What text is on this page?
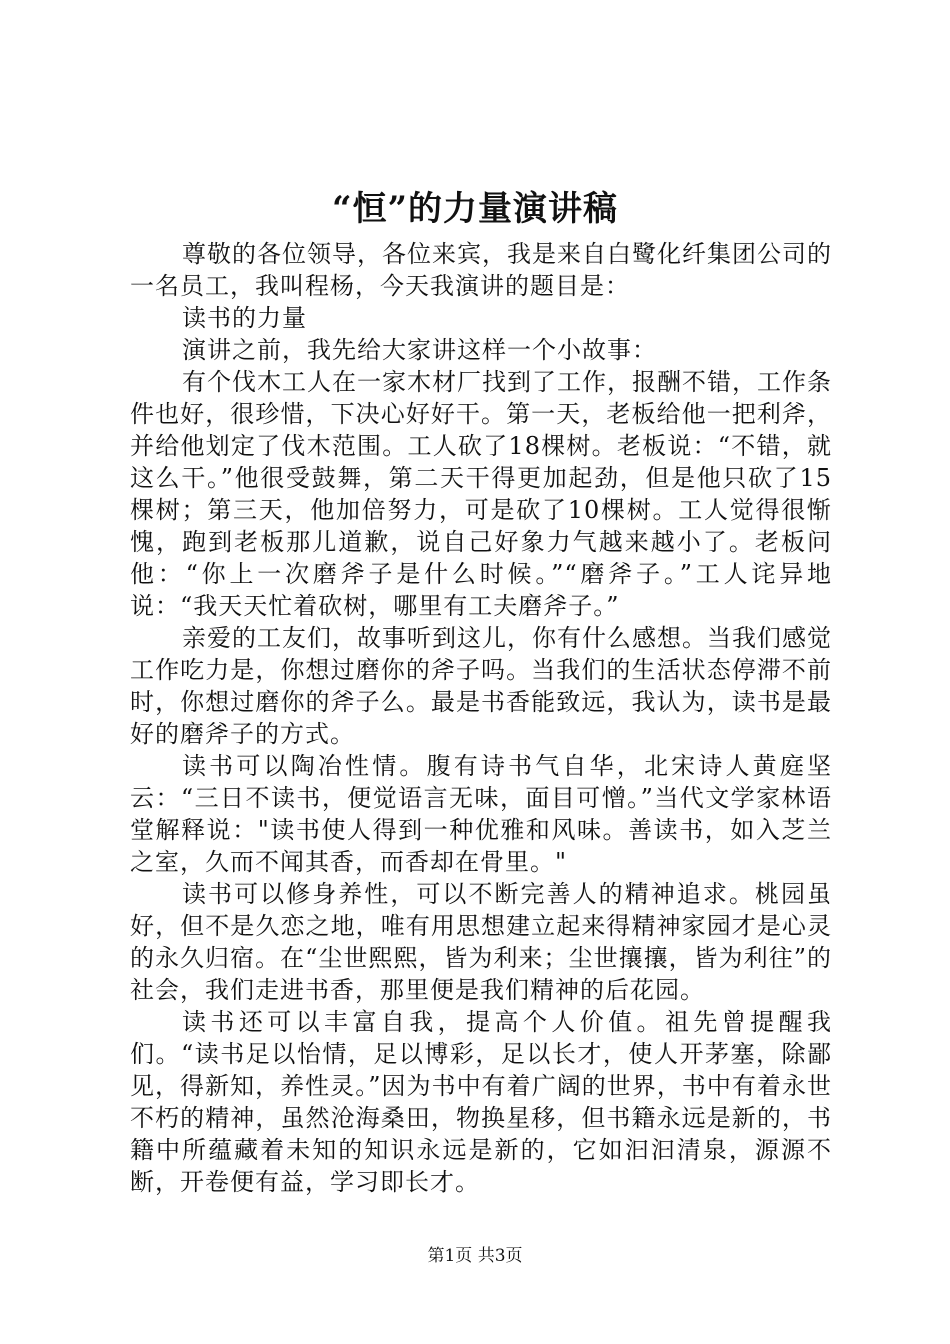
“恒”的力量演讲稿

尊敬的各位领导，各位来宾，我是来自白鹭化纤集团公司的一名员工，我叫程杨，今天我演讲的题目是：

读书的力量

演讲之前，我先给大家讲这样一个小故事：

有个伐木工人在一家木材厂找到了工作，报酬不错，工作条件也好，很珍惜，下决心好好干。第一天，老板给他一把利斧，并给他划定了伐木范围。工人砍了18棵树。老板说：“不错，就这么干。”他很受鼓舞，第二天干得更加起劲，但是他只砍了15棵树；第三天，他加倍努力，可是砍了10棵树。工人觉得很惭愧，跑到老板那儿道歉，说自己好象力气越来越小了。老板问他：“你上一次磨斧子是什么时候。”“磨斧子。”工人诧异地说：“我天天忙着砍树，哪里有工夫磨斧子。”

亲爱的工友们，故事听到这儿，你有什么感想。当我们感觉工作吃力是，你想过磨你的斧子吗。当我们的生活状态停滞不前时，你想过磨你的斧子么。最是书香能致远，我认为，读书是最好的磨斧子的方式。

读书可以陶冶性情。腹有诗书气自华，北宋诗人黄庭坚云：“三日不读书，便觉语言无味，面目可憎。”当代文学家林语堂解释说："读书使人得到一种优雅和风味。善读书，如入芝兰之室，久而不闻其香，而香却在骨里。"

读书可以修身养性，可以不断完善人的精神追求。桃园虽好，但不是久恋之地，唯有用思想建立起来得精神家园才是心灵的永久归宿。在“尘世熙熙，皆为利来；尘世攘攘，皆为利往”的社会，我们走进书香，那里便是我们精神的后花园。

读书还可以丰富自我，提高个人价值。祖先曾提醒我们。“读书足以怡情，足以博彩，足以长才，使人开茅塞，除鄙见，得新知，养性灵。”因为书中有着广阔的世界，书中有着永世不朽的精神，虽然沧海桑田，物换星移，但书籍永远是新的，书籍中所蕴藏着未知的知识永远是新的，它如汩汩清泉，源源不断，开卷便有益，学习即长才。

第1页 共3页
